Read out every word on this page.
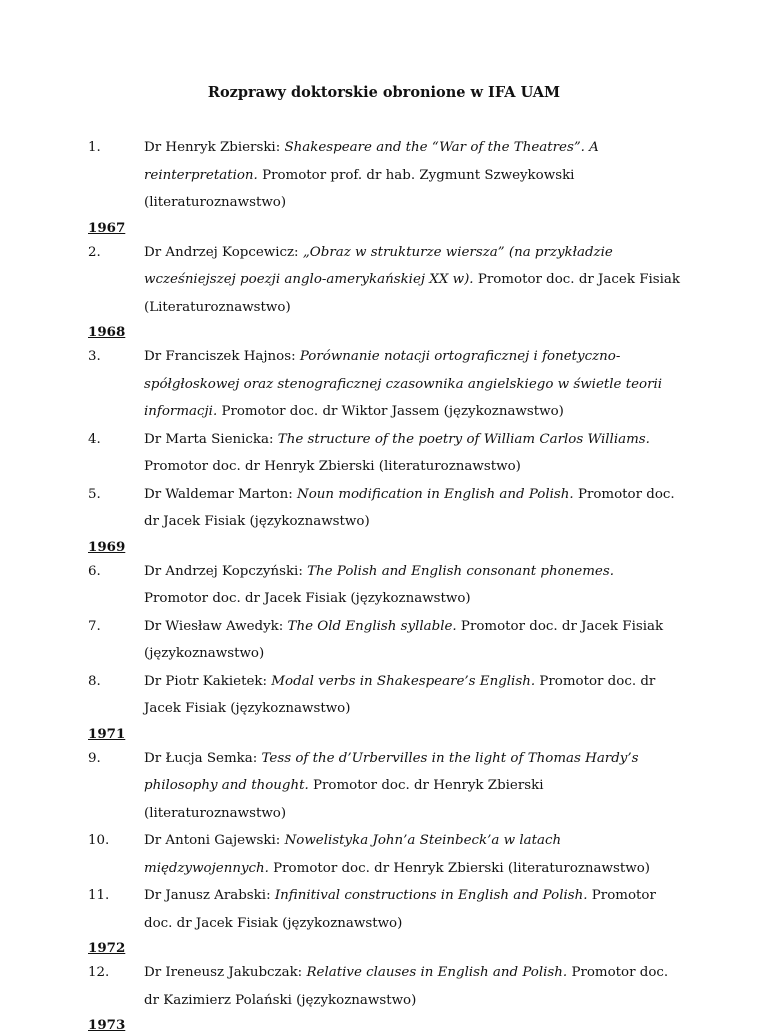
Rozprawy doktorskie obronione w IFA UAM
1.	Dr Henryk Zbierski: Shakespeare and the “War of the Theatres”. A reinterpretation. Promotor prof. dr hab. Zygmunt Szweykowski (literaturoznawstwo)
1967
2.	Dr Andrzej Kopcewicz: „Obraz w strukturze wiersza” (na przykładzie wcześniejszej poezji anglo-amerykańskiej XX w). Promotor doc. dr Jacek Fisiak (Literaturoznawstwo)
1968
3.	Dr Franciszek Hajnos: Porównanie notacji ortograficznej i fonetyczno-spółgłoskowej oraz stenograficznej czasownika angielskiego w świetle teorii informacji. Promotor doc. dr Wiktor Jassem (językoznawstwo)
4.	Dr Marta Sienicka: The structure of the poetry of William Carlos Williams. Promotor doc. dr Henryk Zbierski (literaturoznawstwo)
5.	Dr Waldemar Marton: Noun modification in English and Polish. Promotor doc. dr Jacek Fisiak (językoznawstwo)
1969
6.	Dr Andrzej Kopczyński: The Polish and English consonant phonemes. Promotor doc. dr Jacek Fisiak (językoznawstwo)
7.	Dr Wiesław Awedyk: The Old English syllable. Promotor doc. dr Jacek Fisiak (językoznawstwo)
8.	Dr Piotr Kakietek: Modal verbs in Shakespeare’s English. Promotor doc. dr Jacek Fisiak (językoznawstwo)
1971
9.	Dr Łucja Semka: Tess of the d’Urbervilles in the light of Thomas Hardy’s philosophy and thought. Promotor doc. dr Henryk Zbierski (literaturoznawstwo)
10.	Dr Antoni Gajewski: Nowelistyka John’a Steinbeck’a w latach międzywojennych. Promotor doc. dr Henryk Zbierski (literaturoznawstwo)
11.	Dr Janusz Arabski: Infinitival constructions in English and Polish. Promotor doc. dr Jacek Fisiak (językoznawstwo)
1972
12.	Dr Ireneusz Jakubczak: Relative clauses in English and Polish. Promotor doc. dr Kazimierz Polański (językoznawstwo)
1973
